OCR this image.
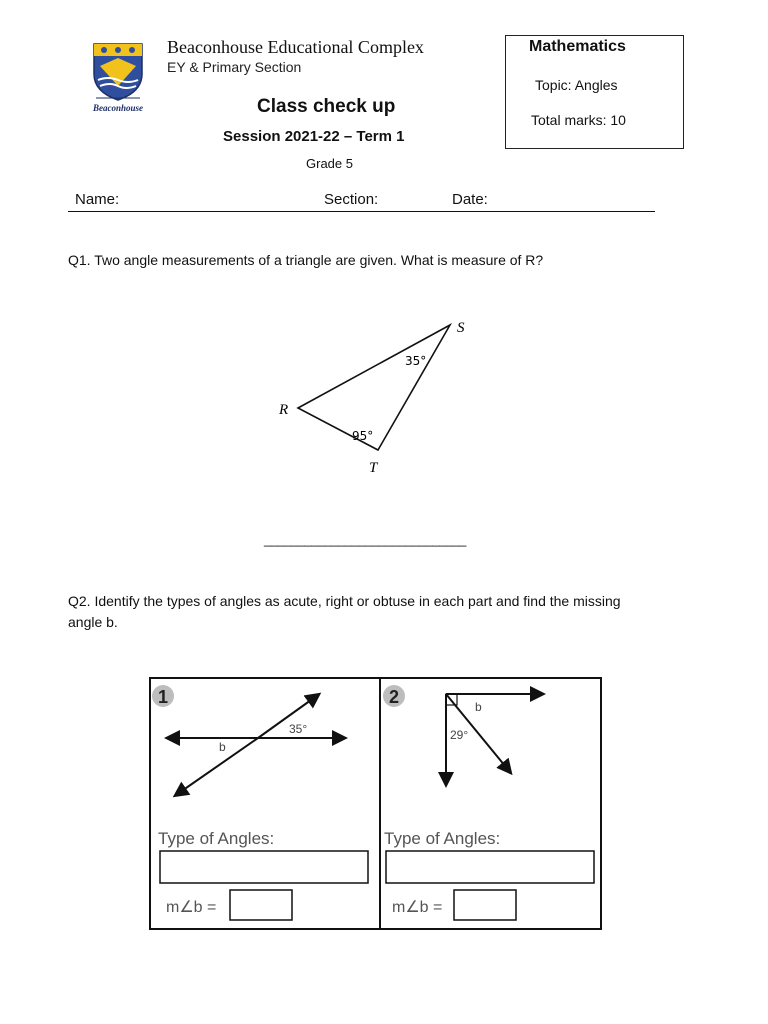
Beaconhouse
Beaconhouse Educational Complex
EY & Primary Section
Class check up
Session 2021-22 – Term 1
Grade 5
Mathematics
Topic: Angles
Total marks: 10
Name:	Section:	Date:
Q1. Two angle measurements of a triangle are given. What is measure of R?
S
R
T
35°
95°
______________________________
Q2. Identify the types of angles as acute, right or obtuse in each part and find the missing
angle b.
1
35°
b
Type of Angles:
m∠b =
2	b
29°
Type of Angles:
m∠b =
